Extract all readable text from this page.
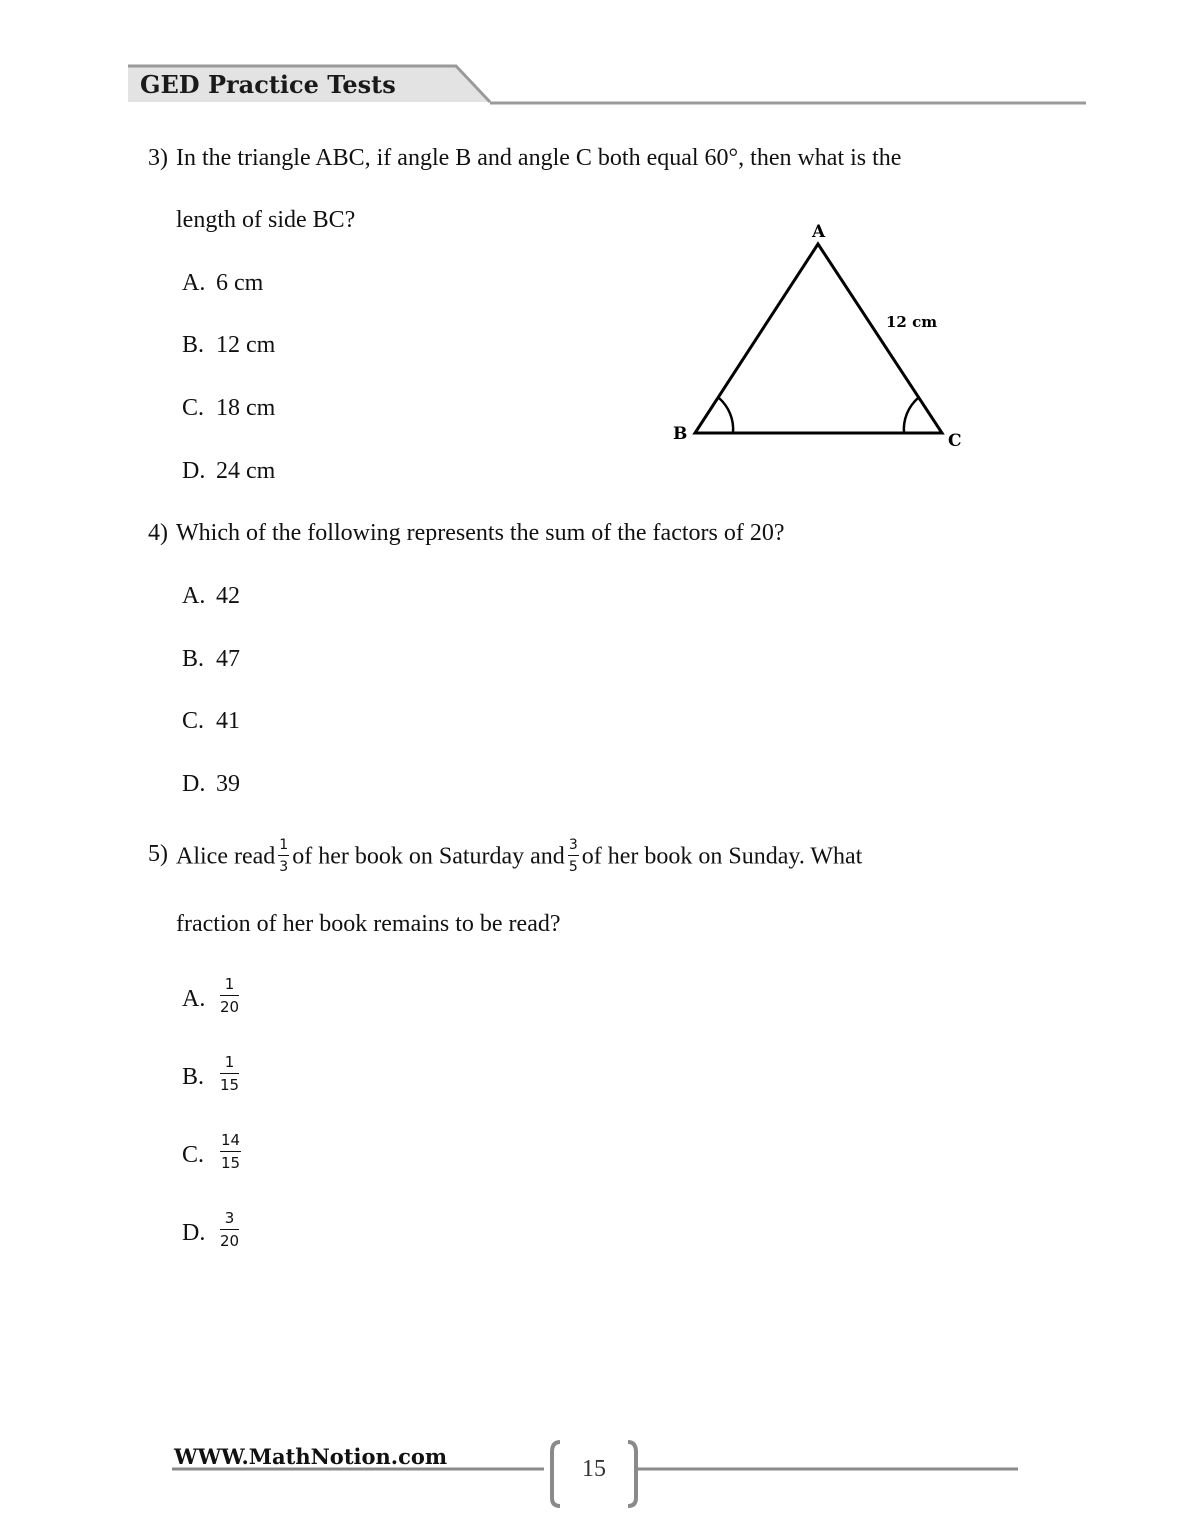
GED Practice Tests
3) In the triangle ABC, if angle B and angle C both equal 60°, then what is the
length of side BC?
A. 6 cm
B. 12 cm
C. 18 cm
D. 24 cm
A
B	C
12 cm
4) Which of the following represents the sum of the factors of 20?
A. 42
B. 47
C. 41
D. 39
5) Alice read $\frac{1}{3}$ of her book on Saturday and $\frac{3}{5}$ of her book on Sunday. What
fraction of her book remains to be read?
A. $\frac{1}{20}$
B. $\frac{1}{15}$
C. $\frac{14}{15}$
D. $\frac{3}{20}$
WWW.MathNotion.com	15
